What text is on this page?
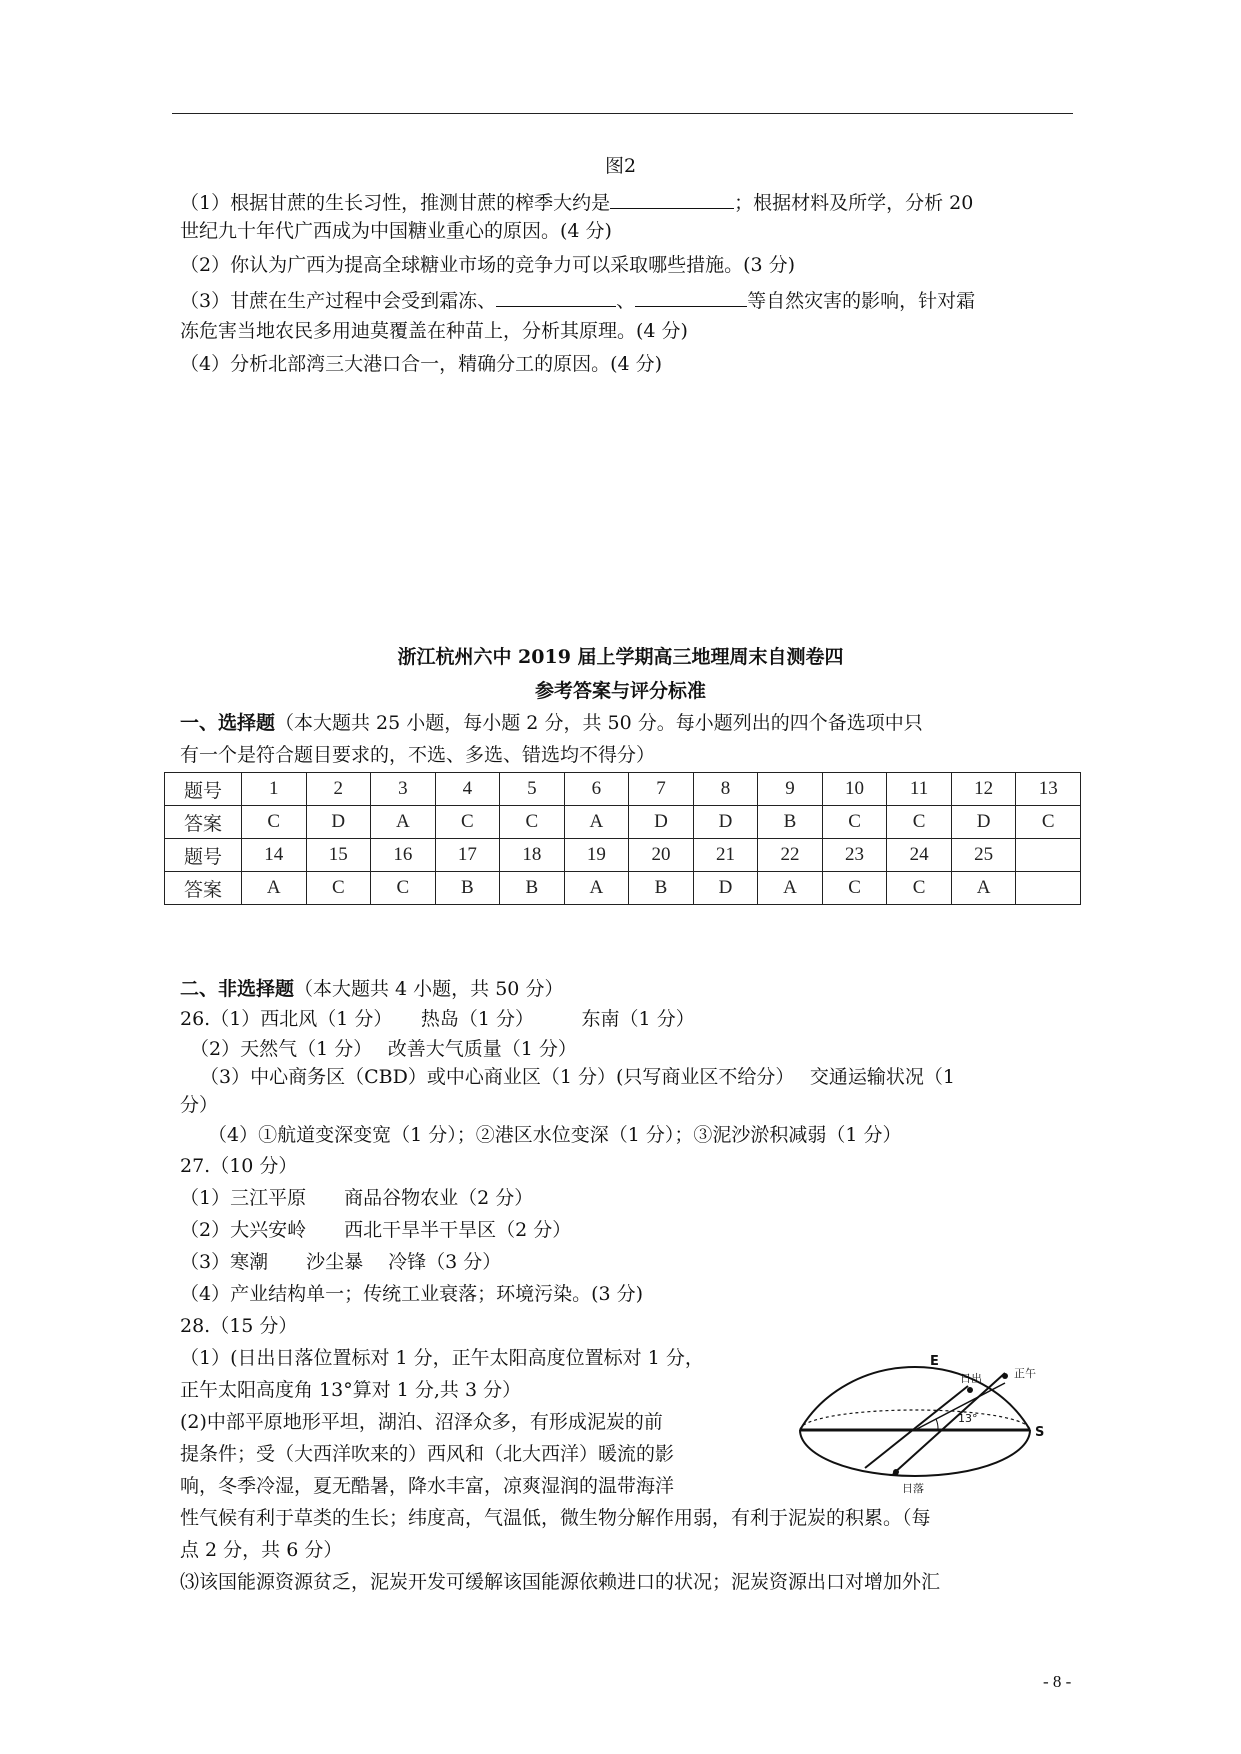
图2
（1）根据甘蔗的生长习性，推测甘蔗的榨季大约是	；根据材料及所学，分析 20
世纪九十年代广西成为中国糖业重心的原因。(4 分)
（2）你认为广西为提高全球糖业市场的竞争力可以采取哪些措施。(3 分)
（3）甘蔗在生产过程中会受到霜冻、	、	等自然灾害的影响，针对霜
冻危害当地农民多用迪莫覆盖在种苗上，分析其原理。(4 分)
（4）分析北部湾三大港口合一，精确分工的原因。(4 分)
浙江杭州六中 2019 届上学期高三地理周末自测卷四
参考答案与评分标准
一、选择题（本大题共 25 小题，每小题 2 分，共 50 分。每小题列出的四个备选项中只
有一个是符合题目要求的，不选、多选、错选均不得分）
题号	1	2	3	4	5	6	7	8	9	10	11	12	13
答案	C	D	A	C	C	A	D	D	B	C	C	D	C
题号	14	15	16	17	18	19	20	21	22	23	24	25	
答案	A	C	C	B	B	A	B	D	A	C	C	A	
二、非选择题（本大题共 4 小题，共 50 分）
26.（1）西北风（1 分）　　热岛（1 分）　　　东南（1 分）
（2）天然气（1 分）　 改善大气质量（1 分）
（3）中心商务区（CBD）或中心商业区（1 分）(只写商业区不给分）　 交通运输状况（1
分）
（4）①航道变深变宽（1 分）；②港区水位变深（1 分）；③泥沙淤积减弱（1 分）
27.（10 分）
（1）三江平原　　商品谷物农业（2 分）
（2）大兴安岭　　西北干旱半干旱区（2 分）
（3）寒潮　　沙尘暴　 冷锋（3 分）
（4）产业结构单一；传统工业衰落；环境污染。(3 分)
28.（15 分）
（1）(日出日落位置标对 1 分，正午太阳高度位置标对 1 分，
正午太阳高度角 13°算对 1 分,共 3 分）
(2)中部平原地形平坦，湖泊、沼泽众多，有形成泥炭的前
提条件；受（大西洋吹来的）西风和（北大西洋）暖流的影
响，冬季冷湿，夏无酷暑，降水丰富，凉爽湿润的温带海洋
性气候有利于草类的生长；纬度高，气温低，微生物分解作用弱，有利于泥炭的积累。（每
点 2 分，共 6 分）
⑶该国能源资源贫乏，泥炭开发可缓解该国能源依赖进口的状况；泥炭资源出口对增加外汇
E
日出	正午
13°
S
日落
- 8 -
